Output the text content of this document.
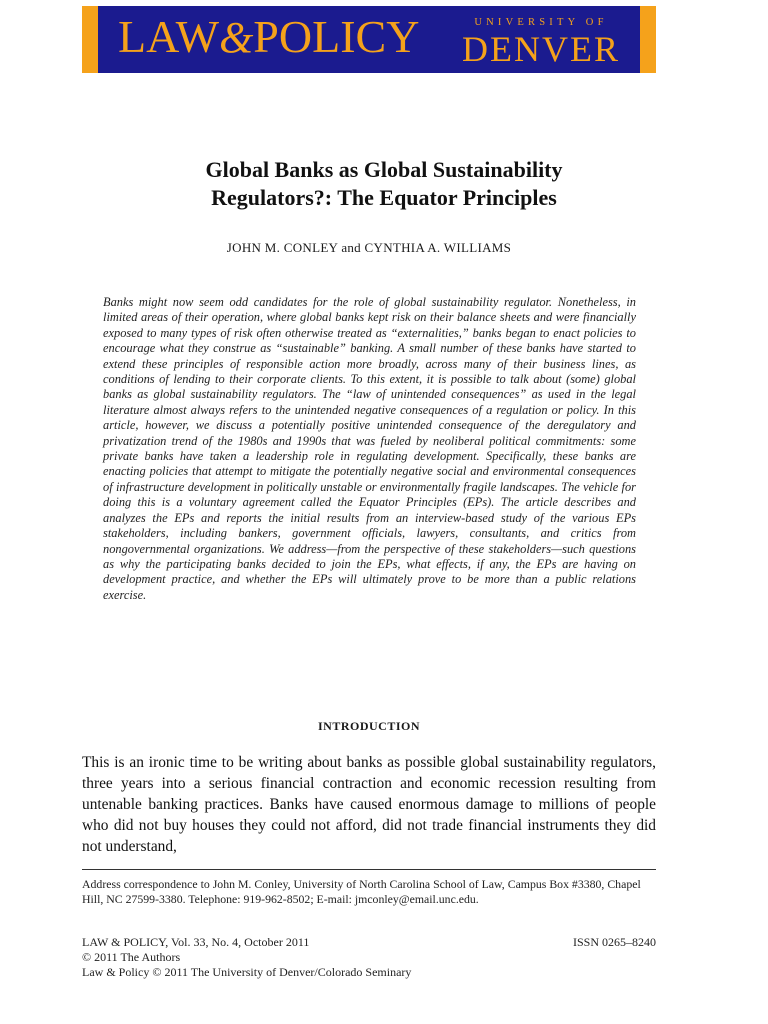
LAW&POLICY	UNIVERSITY OF
DENVER
Global Banks as Global Sustainability
Regulators?: The Equator Principles
JOHN M. CONLEY and CYNTHIA A. WILLIAMS

Banks might now seem odd candidates for the role of global sustainability regulator. Nonetheless, in limited areas of their operation, where global banks kept risk on their balance sheets and were financially exposed to many types of risk often otherwise treated as “externalities,” banks began to enact policies to encourage what they construe as “sustainable” banking. A small number of these banks have started to extend these principles of responsible action more broadly, across many of their business lines, as conditions of lending to their corporate clients. To this extent, it is possible to talk about (some) global banks as global sustainability regulators. The “law of unintended consequences” as used in the legal literature almost always refers to the unintended negative consequences of a regulation or policy. In this article, however, we discuss a potentially positive unintended consequence of the deregulatory and privatization trend of the 1980s and 1990s that was fueled by neoliberal political commitments: some private banks have taken a leadership role in regulating development. Specifically, these banks are enacting policies that attempt to mitigate the potentially negative social and environmental consequences of infrastructure development in politically unstable or environmentally fragile landscapes. The vehicle for doing this is a voluntary agreement called the Equator Principles (EPs). The article describes and analyzes the EPs and reports the initial results from an interview-based study of the various EPs stakeholders, including bankers, government officials, lawyers, consultants, and critics from nongovernmental organizations. We address—from the perspective of these stakeholders—such questions as why the participating banks decided to join the EPs, what effects, if any, the EPs are having on development practice, and whether the EPs will ultimately prove to be more than a public relations exercise.

INTRODUCTION

This is an ironic time to be writing about banks as possible global sustainability regulators, three years into a serious financial contraction and economic recession resulting from untenable banking practices. Banks have caused enormous damage to millions of people who did not buy houses they could not afford, did not trade financial instruments they did not understand,

Address correspondence to John M. Conley, University of North Carolina School of Law, Campus Box #3380, Chapel Hill, NC 27599-3380. Telephone: 919-962-8502; E-mail: jmconley@email.unc.edu.

LAW & POLICY, Vol. 33, No. 4, October 2011	ISSN 0265–8240
© 2011 The Authors
Law & Policy © 2011 The University of Denver/Colorado Seminary
